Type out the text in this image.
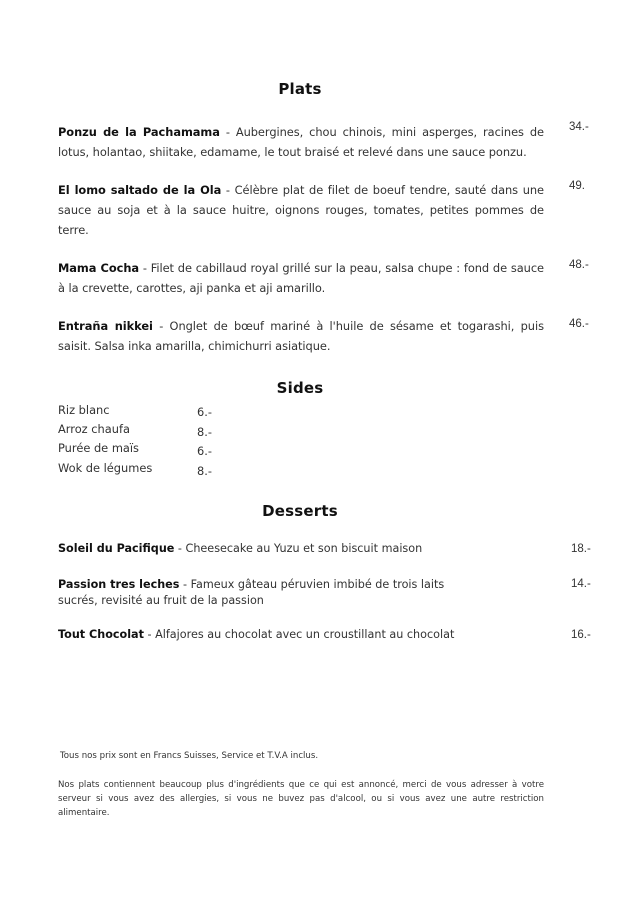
Plats
Ponzu de la Pachamama - Aubergines, chou chinois, mini asperges, racines de lotus, holantao, shiitake, edamame, le tout braisé et relevé dans une sauce ponzu.
34.-
El lomo saltado de la Ola - Célèbre plat de filet de boeuf tendre, sauté dans une sauce au soja et à la sauce huitre, oignons rouges, tomates, petites pommes de terre.
49.
Mama Cocha - Filet de cabillaud royal grillé sur la peau, salsa chupe : fond de sauce à la crevette, carottes, aji panka et aji amarillo.
48.-
Entraña nikkei - Onglet de bœuf mariné à l'huile de sésame et togarashi, puis saisit. Salsa inka amarilla, chimichurri asiatique.
46.-
Sides
Riz blanc	6.-
Arroz chaufa	8.-
Purée de maïs	6.-
Wok de légumes	8.-
Desserts
Soleil du Pacifique - Cheesecake au Yuzu et son biscuit maison	18.-
Passion tres leches - Fameux gâteau péruvien imbibé de trois laits sucrés, revisité au fruit de la passion
14.-
Tout Chocolat - Alfajores au chocolat avec un croustillant au chocolat	16.-
Tous nos prix sont en Francs Suisses, Service et T.V.A inclus.
Nos plats contiennent beaucoup plus d'ingrédients que ce qui est annoncé, merci de vous adresser à votre serveur si vous avez des allergies, si vous ne buvez pas d'alcool, ou si vous avez une autre restriction alimentaire.
